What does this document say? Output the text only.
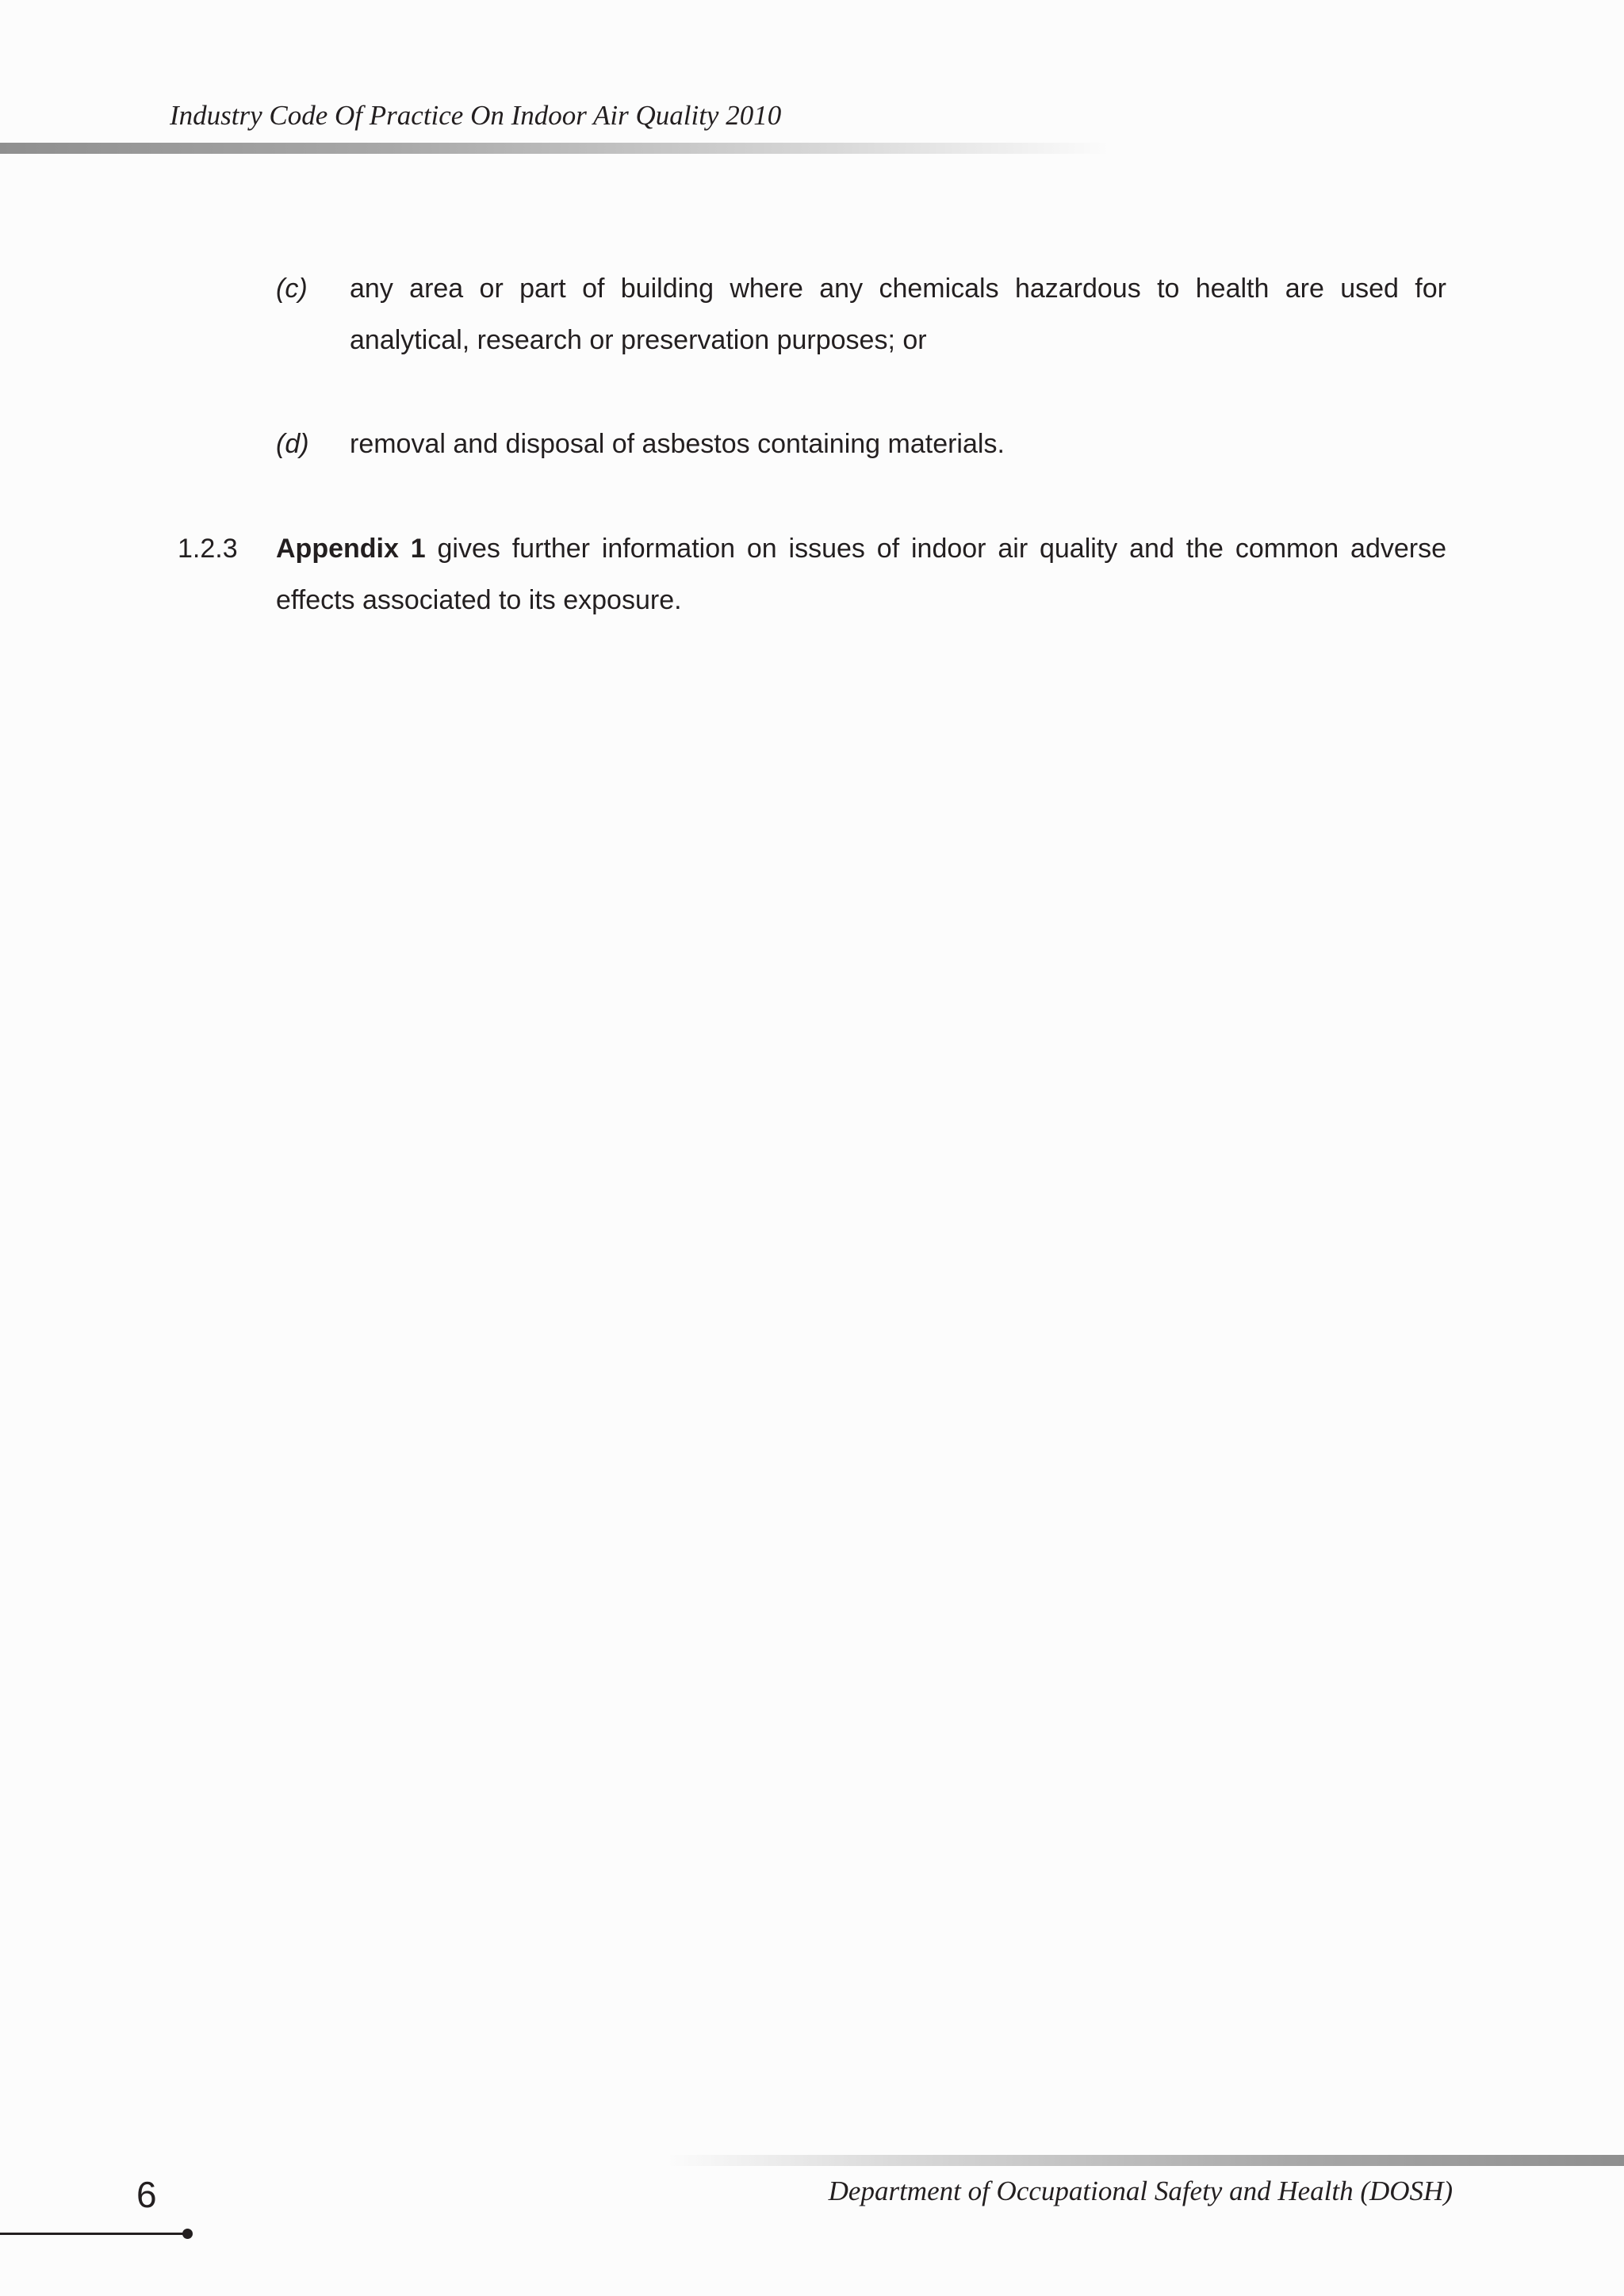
Industry Code Of Practice On Indoor Air Quality 2010
(c) any area or part of building where any chemicals hazardous to health are used for analytical, research or preservation purposes; or
(d) removal and disposal of asbestos containing materials.
1.2.3 Appendix 1 gives further information on issues of indoor air quality and the common adverse effects associated to its exposure.
Department of Occupational Safety and Health (DOSH)
6
